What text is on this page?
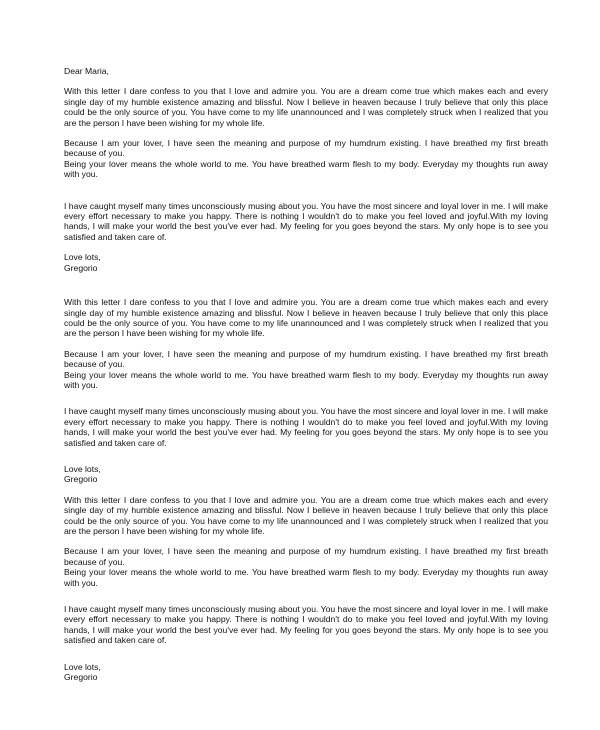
Dear Maria,

With this letter I dare confess to you that I love and admire you. You are a dream come true which makes each and every single day of my humble existence amazing and blissful. Now I believe in heaven because I truly believe that only this place could be the only source of you. You have come to my life unannounced and I was completely struck when I realized that you are the person I have been wishing for my whole life.

Because I am your lover, I have seen the meaning and purpose of my humdrum existing. I have breathed my first breath because of you.

Being your lover means the whole world to me. You have breathed warm flesh to my body. Everyday my thoughts run away with you.

I have caught myself many times unconsciously musing about you. You have the most sincere and loyal lover in me. I will make every effort necessary to make you happy. There is nothing I wouldn't do to make you feel loved and joyful.With my loving hands, I will make your world the best you've ever had. My feeling for you goes beyond the stars. My only hope is to see you satisfied and taken care of.

Love lots,

Gregorio

With this letter I dare confess to you that I love and admire you. You are a dream come true which makes each and every single day of my humble existence amazing and blissful. Now I believe in heaven because I truly believe that only this place could be the only source of you. You have come to my life unannounced and I was completely struck when I realized that you are the person I have been wishing for my whole life.

Because I am your lover, I have seen the meaning and purpose of my humdrum existing. I have breathed my first breath because of you.

Being your lover means the whole world to me. You have breathed warm flesh to my body. Everyday my thoughts run away with you.

I have caught myself many times unconsciously musing about you. You have the most sincere and loyal lover in me. I will make every effort necessary to make you happy. There is nothing I wouldn't do to make you feel loved and joyful.With my loving hands, I will make your world the best you've ever had. My feeling for you goes beyond the stars. My only hope is to see you satisfied and taken care of.

Love lots,

Gregorio

With this letter I dare confess to you that I love and admire you. You are a dream come true which makes each and every single day of my humble existence amazing and blissful. Now I believe in heaven because I truly believe that only this place could be the only source of you. You have come to my life unannounced and I was completely struck when I realized that you are the person I have been wishing for my whole life.

Because I am your lover, I have seen the meaning and purpose of my humdrum existing. I have breathed my first breath because of you.

Being your lover means the whole world to me. You have breathed warm flesh to my body. Everyday my thoughts run away with you.

I have caught myself many times unconsciously musing about you. You have the most sincere and loyal lover in me. I will make every effort necessary to make you happy. There is nothing I wouldn't do to make you feel loved and joyful.With my loving hands, I will make your world the best you've ever had. My feeling for you goes beyond the stars. My only hope is to see you satisfied and taken care of.

Love lots,

Gregorio
